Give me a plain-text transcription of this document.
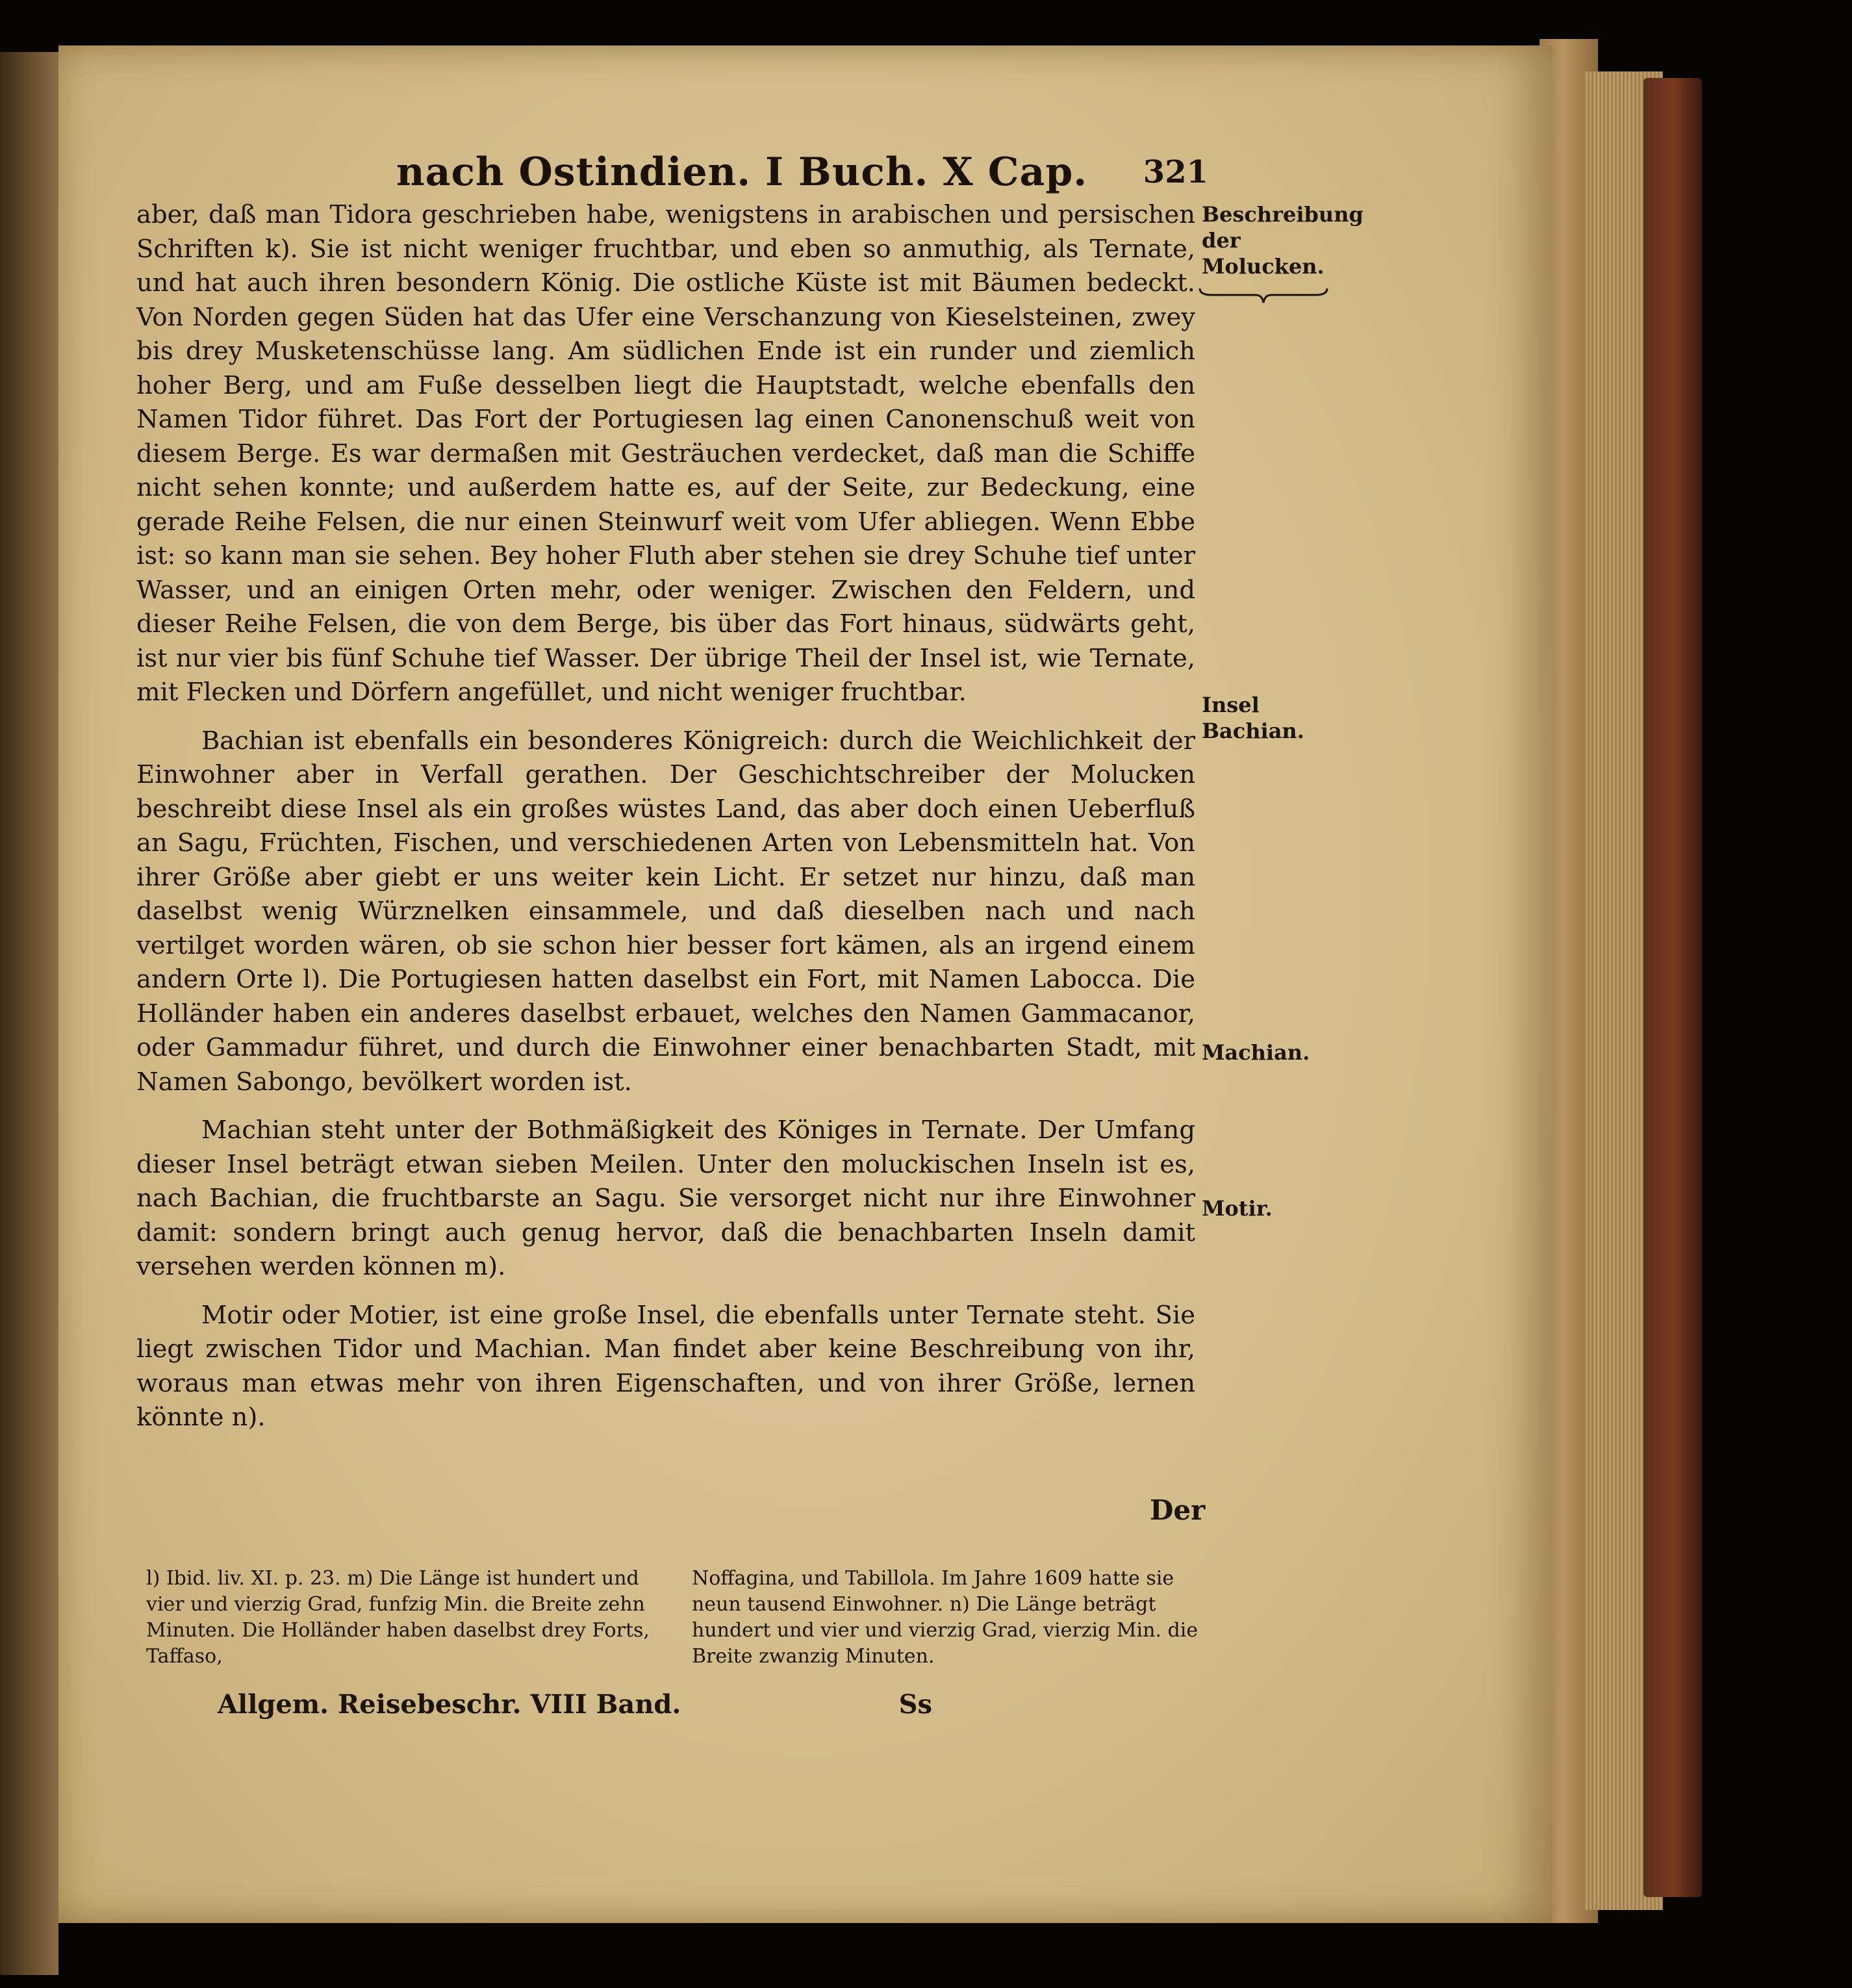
nach Ostindien. I Buch. X Cap.	321

aber, daß man Tidora geschrieben habe, wenigstens in arabischen und persischen Schriften k). Sie ist nicht weniger fruchtbar, und eben so anmuthig, als Ternate, und hat auch ihren besondern König. Die ostliche Küste ist mit Bäumen bedeckt. Von Norden gegen Süden hat das Ufer eine Verschanzung von Kieselsteinen, zwey bis drey Musketenschüsse lang. Am südlichen Ende ist ein runder und ziemlich hoher Berg, und am Fuße desselben liegt die Hauptstadt, welche ebenfalls den Namen Tidor führet. Das Fort der Portugiesen lag einen Canonenschuß weit von diesem Berge. Es war dermaßen mit Gesträuchen verdecket, daß man die Schiffe nicht sehen konnte; und außerdem hatte es, auf der Seite, zur Bedeckung, eine gerade Reihe Felsen, die nur einen Steinwurf weit vom Ufer abliegen. Wenn Ebbe ist: so kann man sie sehen. Bey hoher Fluth aber stehen sie drey Schuhe tief unter Wasser, und an einigen Orten mehr, oder weniger. Zwischen den Feldern, und dieser Reihe Felsen, die von dem Berge, bis über das Fort hinaus, südwärts geht, ist nur vier bis fünf Schuhe tief Wasser. Der übrige Theil der Insel ist, wie Ternate, mit Flecken und Dörfern angefüllet, und nicht weniger fruchtbar.

Bachian ist ebenfalls ein besonderes Königreich: durch die Weichlichkeit der Einwohner aber in Verfall gerathen. Der Geschichtschreiber der Molucken beschreibt diese Insel als ein großes wüstes Land, das aber doch einen Ueberfluß an Sagu, Früchten, Fischen, und verschiedenen Arten von Lebensmitteln hat. Von ihrer Größe aber giebt er uns weiter kein Licht. Er setzet nur hinzu, daß man daselbst wenig Würznelken einsammele, und daß dieselben nach und nach vertilget worden wären, ob sie schon hier besser fort kämen, als an irgend einem andern Orte l). Die Portugiesen hatten daselbst ein Fort, mit Namen Labocca. Die Holländer haben ein anderes daselbst erbauet, welches den Namen Gammacanor, oder Gammadur führet, und durch die Einwohner einer benachbarten Stadt, mit Namen Sabongo, bevölkert worden ist.

Machian steht unter der Bothmäßigkeit des Königes in Ternate. Der Umfang dieser Insel beträgt etwan sieben Meilen. Unter den moluckischen Inseln ist es, nach Bachian, die fruchtbarste an Sagu. Sie versorget nicht nur ihre Einwohner damit: sondern bringt auch genug hervor, daß die benachbarten Inseln damit versehen werden können m).

Motir oder Motier, ist eine große Insel, die ebenfalls unter Ternate steht. Sie liegt zwischen Tidor und Machian. Man findet aber keine Beschreibung von ihr, woraus man etwas mehr von ihren Eigenschaften, und von ihrer Größe, lernen könnte n).

Beschreibung der Molucken.
Insel Bachian.
Machian.
Motir.
Der

l) Ibid. liv. XI. p. 23. m) Die Länge ist hundert und vier und vierzig Grad, funfzig Min. die Breite zehn Minuten. Die Holländer haben daselbst drey Forts, Taffaso,

Noffagina, und Tabillola. Im Jahre 1609 hatte sie neun tausend Einwohner. n) Die Länge beträgt hundert und vier und vierzig Grad, vierzig Min. die Breite zwanzig Minuten.

Allgem. Reisebeschr. VIII Band.	Ss
